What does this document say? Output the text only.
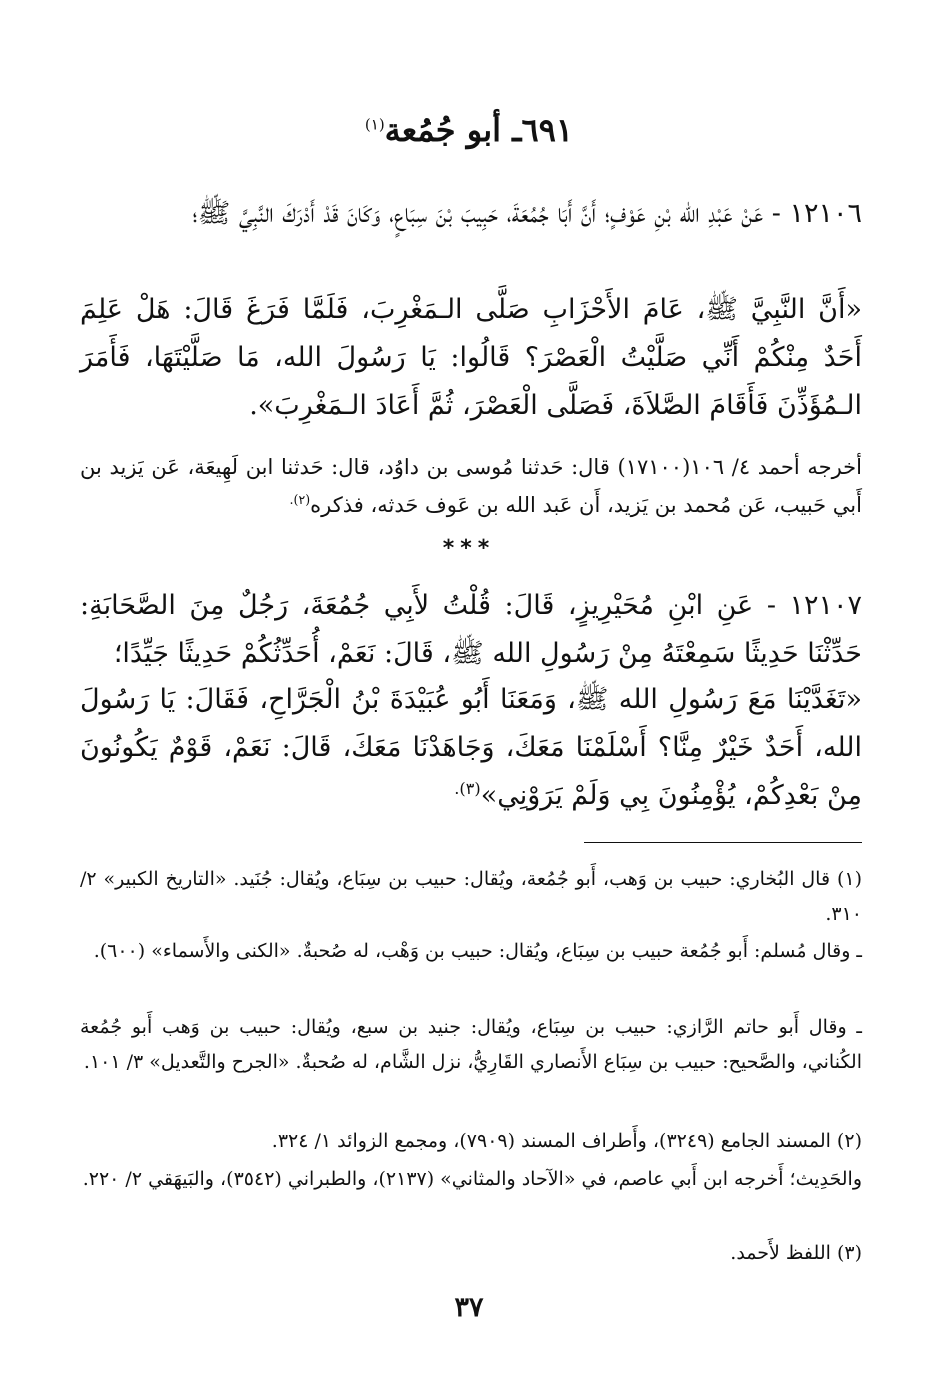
٦٩١ـ أبو جُمُعة$^{(١)}$
١٢١٠٦ - عَنْ عَبْدِ الله بْنِ عَوْفٍ؛ أَنَّ أَبَا جُمُعَةَ، حَبِيبَ بْنَ سِبَاعٍ، وَكَانَ قَدْ أَدْرَكَ النَّبِيَّ ﷺ؛
«أَنَّ النَّبِيَّ ﷺ، عَامَ الأَحْزَابِ صَلَّى الـمَغْرِبَ، فَلَمَّا فَرَغَ قَالَ: هَلْ عَلِمَ أَحَدٌ مِنْكُمْ أَنِّي صَلَّيْتُ الْعَصْرَ؟ قَالُوا: يَا رَسُولَ الله، مَا صَلَّيْتَهَا، فَأَمَرَ الـمُؤَذِّنَ فَأَقَامَ الصَّلاَةَ، فَصَلَّى الْعَصْرَ، ثُمَّ أَعَادَ الـمَغْرِبَ».
أخرجه أحمد ٤/ ١٠٦(١٧١٠٠) قال: حَدثنا مُوسى بن داوُد، قال: حَدثنا ابن لَهِيعَة، عَن يَزيد بن أَبي حَبيب، عَن مُحمد بن يَزيد، أَن عَبد الله بن عَوف حَدثه، فذكره$^{(٢).}$
***
١٢١٠٧ - عَنِ ابْنِ مُحَيْرِيزٍ، قَالَ: قُلْتُ لأَبِي جُمُعَةَ، رَجُلٌ مِنَ الصَّحَابَةِ: حَدِّثْنَا حَدِيثًا سَمِعْتَهُ مِنْ رَسُولِ الله ﷺ، قَالَ: نَعَمْ، أُحَدِّثُكُمْ حَدِيثًا جَيِّدًا؛
«تَغَدَّيْنَا مَعَ رَسُولِ الله ﷺ، وَمَعَنَا أَبُو عُبَيْدَةَ بْنُ الْجَرَّاحِ، فَقَالَ: يَا رَسُولَ الله، أَحَدٌ خَيْرٌ مِنَّا؟ أَسْلَمْنَا مَعَكَ، وَجَاهَدْنَا مَعَكَ، قَالَ: نَعَمْ، قَوْمٌ يَكُونُونَ مِنْ بَعْدِكُمْ، يُؤْمِنُونَ بِي وَلَمْ يَرَوْنِي»$^{(٣).}$
(١) قال البُخاري: حبيب بن وَهب، أَبو جُمُعة، ويُقال: حبيب بن سِبَاع، ويُقال: جُنَيد. «التاريخ الكبير» ٢/ ٣١٠.
ـ وقال مُسلم: أَبو جُمُعة حبيب بن سِبَاع، ويُقال: حبيب بن وَهْب، له صُحبةٌ. «الكنى والأَسماء» (٦٠٠).
ـ وقال أَبو حاتم الرَّازي: حبيب بن سِبَاع، ويُقال: جنيد بن سبع، ويُقال: حبيب بن وَهب أَبو جُمُعة الكُناني، والصَّحيح: حبيب بن سِبَاع الأَنصاري القَارِيُّ، نزل الشَّام، له صُحبةٌ. «الجرح والتَّعديل» ٣/ ١٠١.
(٢) المسند الجامع (٣٢٤٩)، وأَطراف المسند (٧٩٠٩)، ومجمع الزوائد ١/ ٣٢٤.
والحَدِيث؛ أَخرجه ابن أَبي عاصم، في «الآحاد والمثاني» (٢١٣٧)، والطبراني (٣٥٤٢)، والبَيهَقي ٢/ ٢٢٠.
(٣) اللفظ لأَحمد.
٣٧
